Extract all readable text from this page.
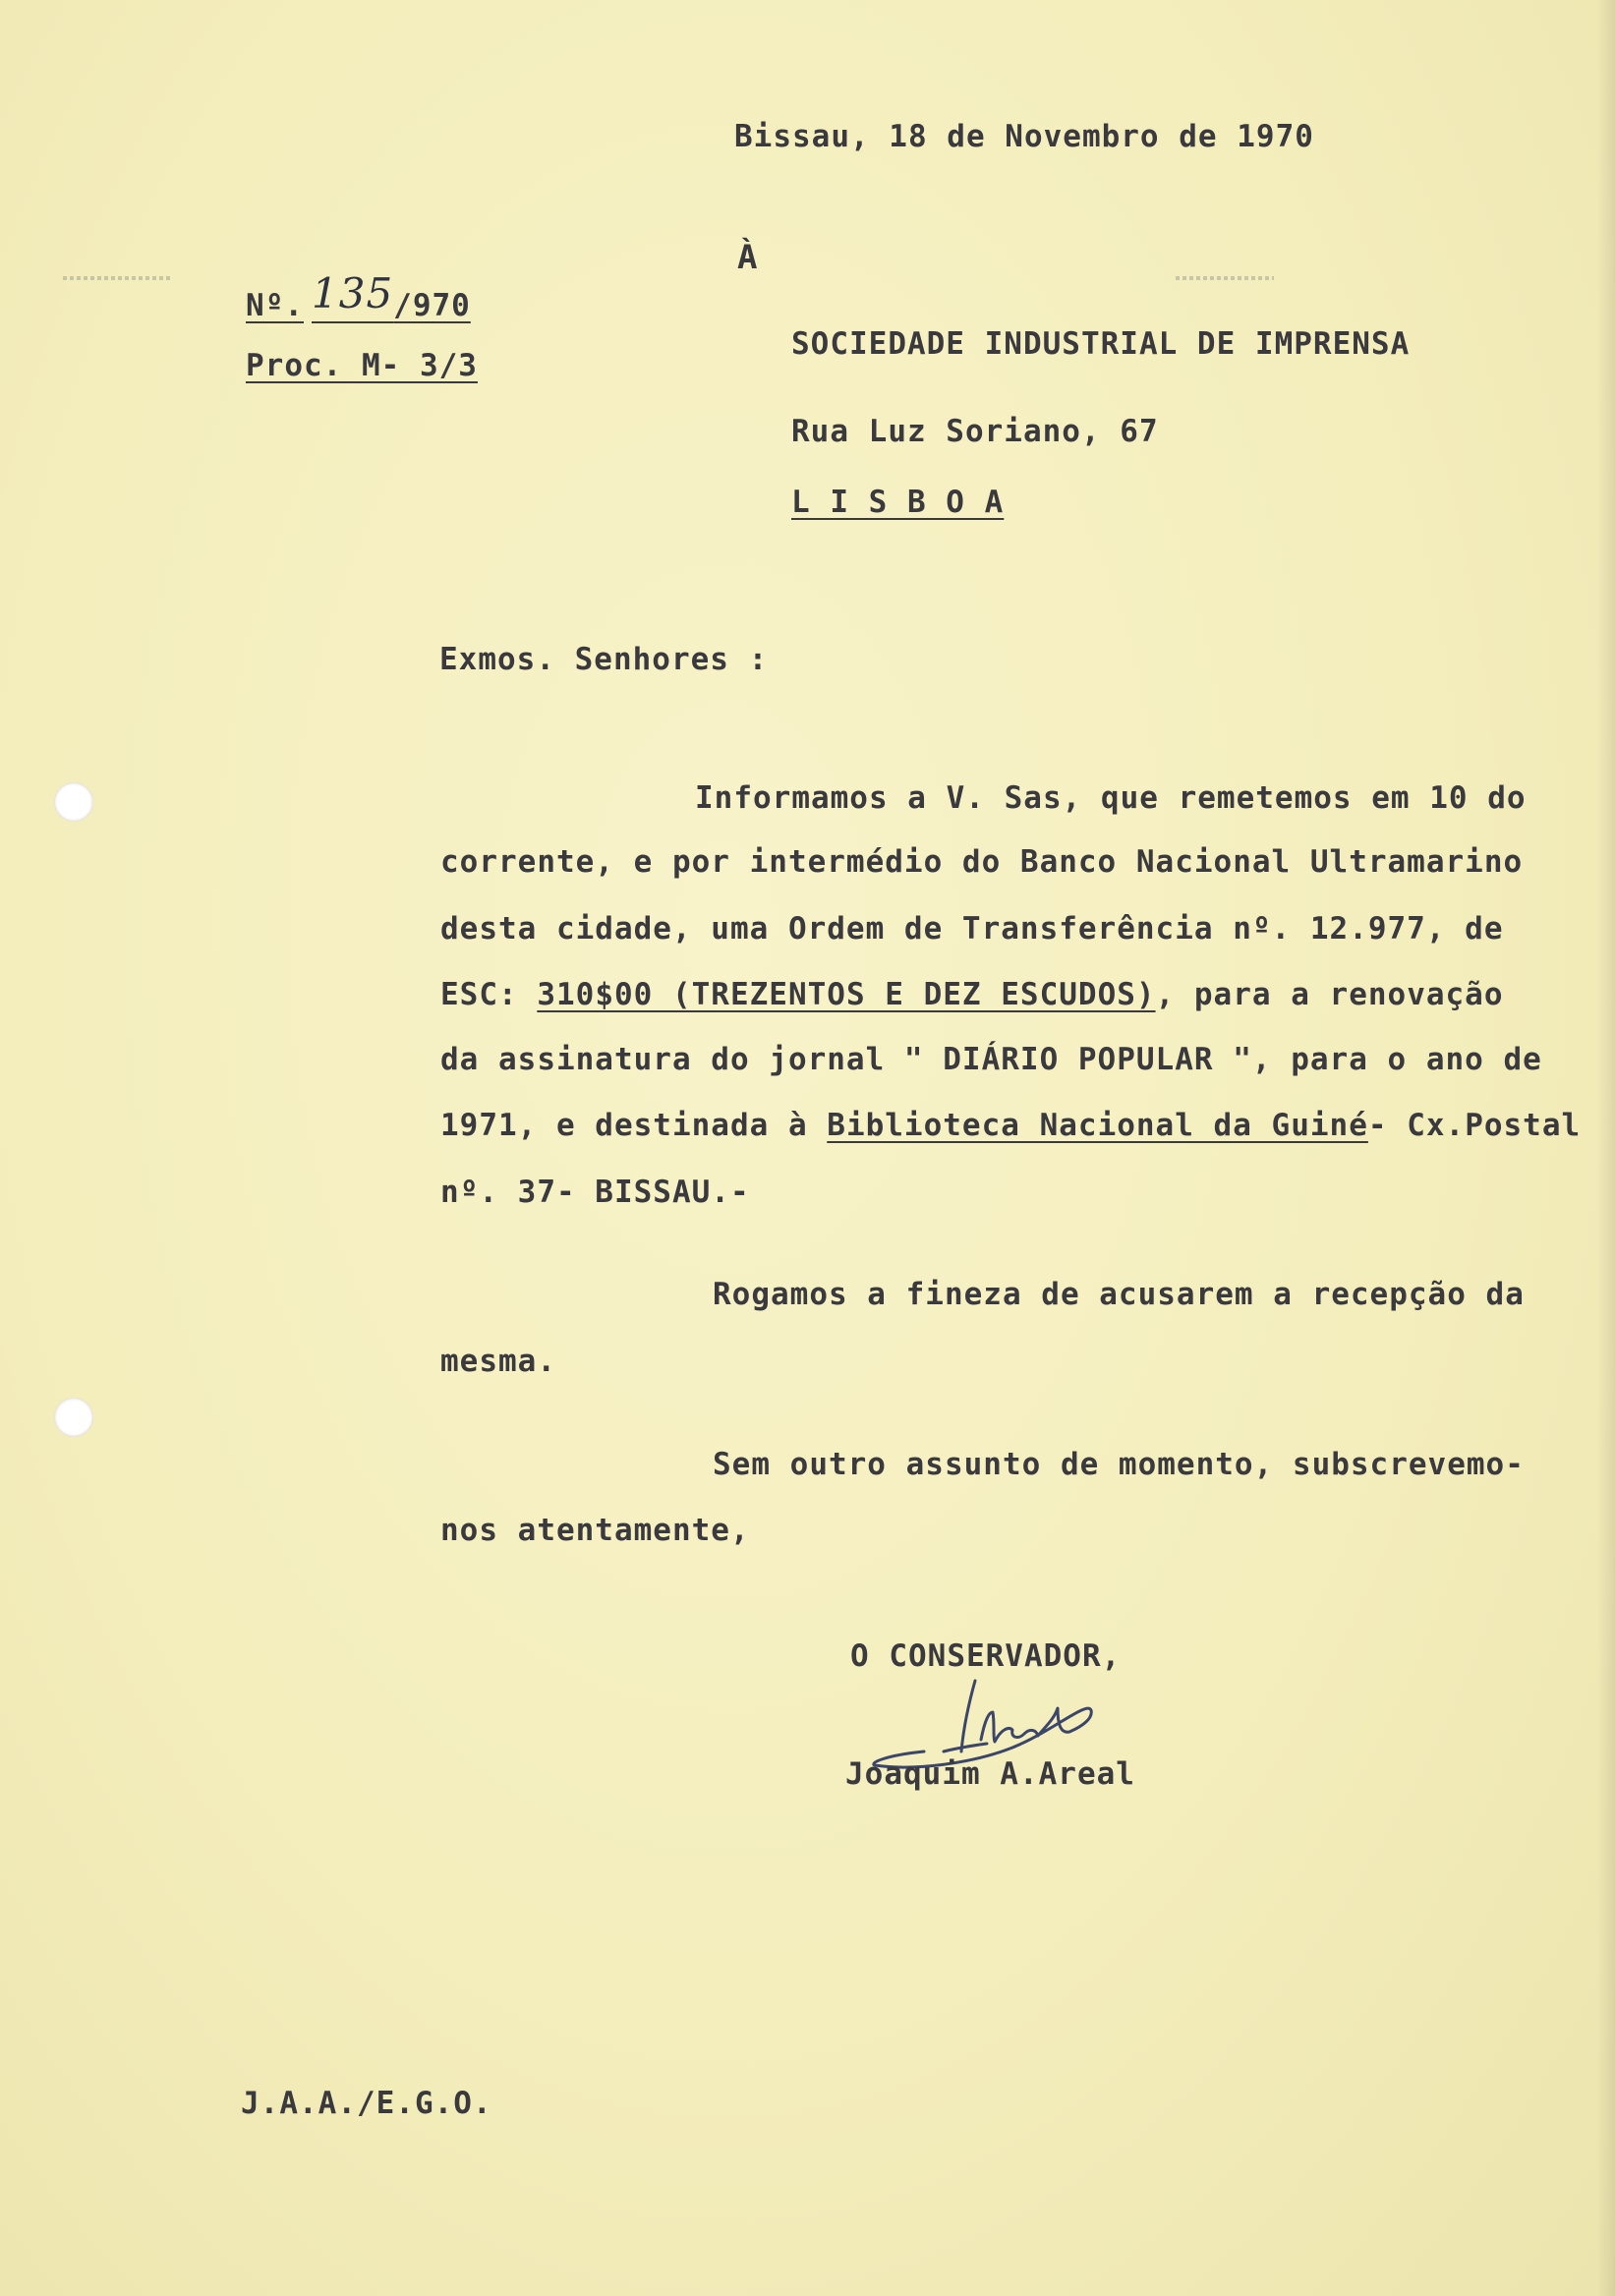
Bissau, 18 de Novembro de 1970
À
Nº. 135/970
Proc. M- 3/3
SOCIEDADE INDUSTRIAL DE IMPRENSA
Rua Luz Soriano, 67
L I S B O A
Exmos. Senhores :
Informamos a V. Sas, que remetemos em 10 do
corrente, e por intermédio do Banco Nacional Ultramarino
desta cidade, uma Ordem de Transferência nº. 12.977, de
ESC: 310$00 (TREZENTOS E DEZ ESCUDOS), para a renovação
da assinatura do jornal " DIÁRIO POPULAR ", para o ano de
1971, e destinada à Biblioteca Nacional da Guiné- Cx.Postal
nº. 37- BISSAU.-
Rogamos a fineza de acusarem a recepção da
mesma.
Sem outro assunto de momento, subscrevemo-
nos atentamente,
O CONSERVADOR,
Joaquim A.Areal
J.A.A./E.G.O.
